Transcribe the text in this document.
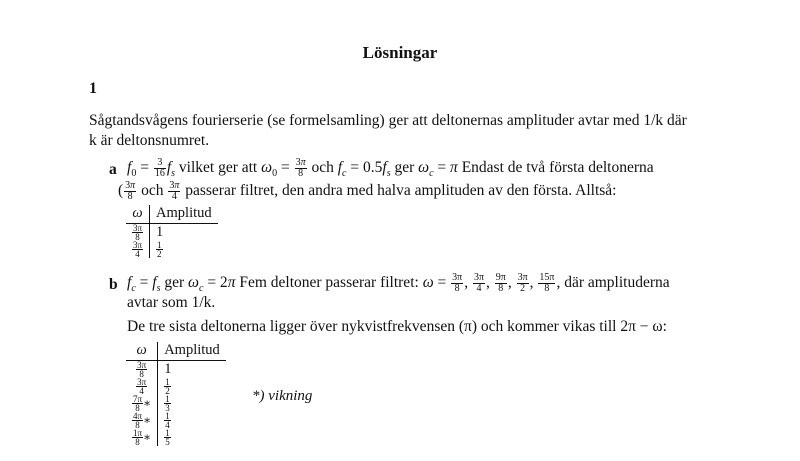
Lösningar
1
Sågtandsvågens fourierserie (se formelsamling) ger att deltonernas amplituder avtar med 1/k där
k är deltonsnumret.
a $f_0 = \frac{3}{16} f_s$ vilket ger att $\omega_0 = \frac{3\pi}{8}$ och $f_c = 0.5f_s$ ger $\omega_c = \pi$ Endast de två första deltonerna
( $\frac{3\pi}{8}$ och $\frac{3\pi}{4}$ passerar filtret, den andra med halva amplituden av den första. Alltså:
ω	Amplitud

$\frac{3\pi}{8}$	1

$\frac{3\pi}{4}$	$\frac{1}{2}$
b $f_c = f_s$ ger $\omega_c = 2\pi$ Fem deltoner passerar filtret: $\omega = \frac{3\pi}{8}$ , $\frac{3\pi}{4}$ , $\frac{9\pi}{8}$ , $\frac{3\pi}{2}$ , $\frac{15\pi}{8}$ , där amplituderna
avtar som 1/k.
De tre sista deltonerna ligger över nykvistfrekvensen (π) och kommer vikas till 2π − ω:
ω	Amplitud

$\frac{3\pi}{8}$	1

$\frac{3\pi}{4}$	$\frac{1}{2}$

$\frac{7\pi}{8}$ ∗	$\frac{1}{3}$

$\frac{4\pi}{8}$ ∗	$\frac{1}{4}$

$\frac{1\pi}{8}$ ∗	$\frac{1}{5}$
*) vikning
